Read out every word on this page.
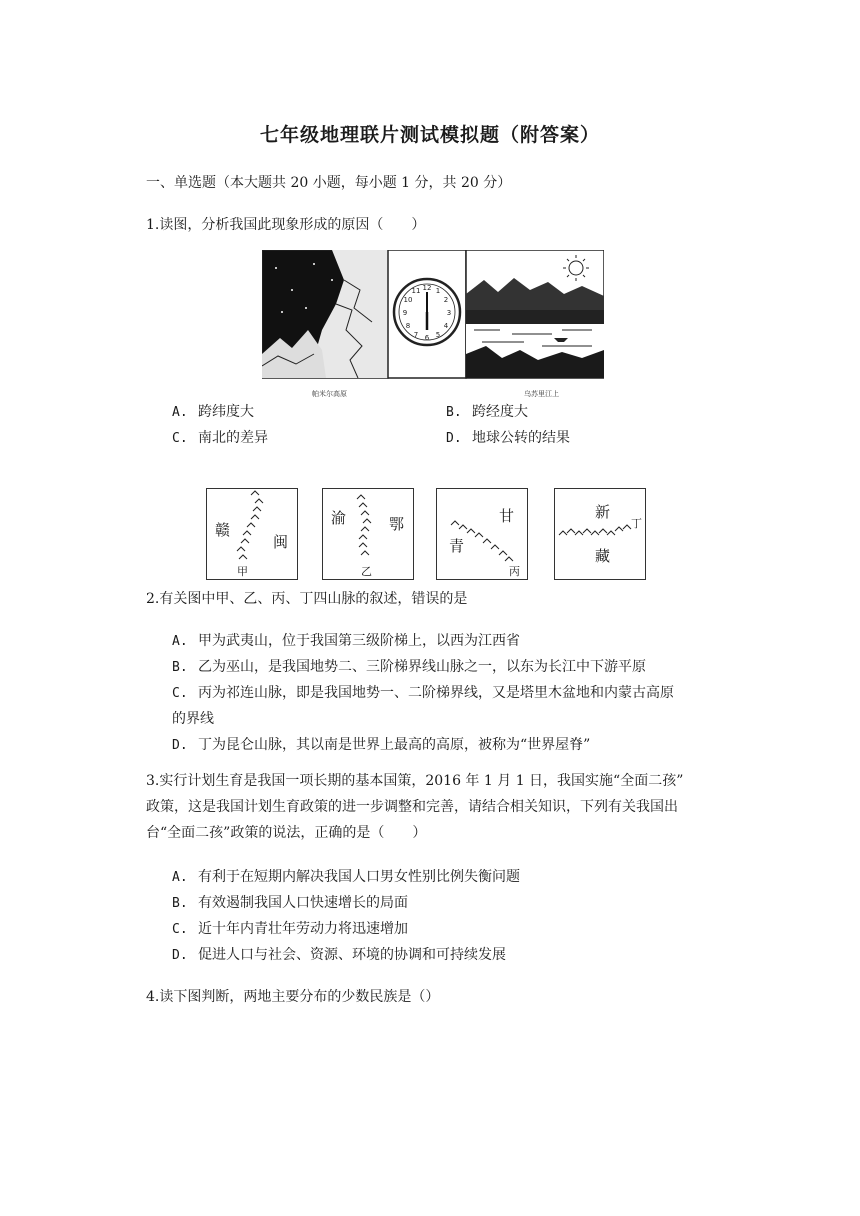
七年级地理联片测试模拟题（附答案）
一、单选题（本大题共 20 小题，每小题 1 分，共 20 分）
1.读图，分析我国此现象形成的原因（　　）
12
3
6
9
1
2
4
5
7
8
10
11
帕米尔高原	乌苏里江上
A. 跨纬度大	B. 跨经度大
C. 南北的差异	D. 地球公转的结果
赣
闽
甲
渝	鄂
乙
甘
青
丙
新
藏
丁
2.有关图中甲、乙、丙、丁四山脉的叙述，错误的是
A. 甲为武夷山，位于我国第三级阶梯上，以西为江西省
B. 乙为巫山，是我国地势二、三阶梯界线山脉之一，以东为长江中下游平原
C. 丙为祁连山脉，即是我国地势一、二阶梯界线，又是塔里木盆地和内蒙古高原
的界线
D. 丁为昆仑山脉，其以南是世界上最高的高原，被称为“世界屋脊”
3.实行计划生育是我国一项长期的基本国策，2016 年 1 月 1 日，我国实施“全面二孩”
政策，这是我国计划生育政策的进一步调整和完善，请结合相关知识，下列有关我国出
台“全面二孩”政策的说法，正确的是（　　）
A. 有利于在短期内解决我国人口男女性别比例失衡问题
B. 有效遏制我国人口快速增长的局面
C. 近十年内青壮年劳动力将迅速增加
D. 促进人口与社会、资源、环境的协调和可持续发展
4.读下图判断，两地主要分布的少数民族是（）
